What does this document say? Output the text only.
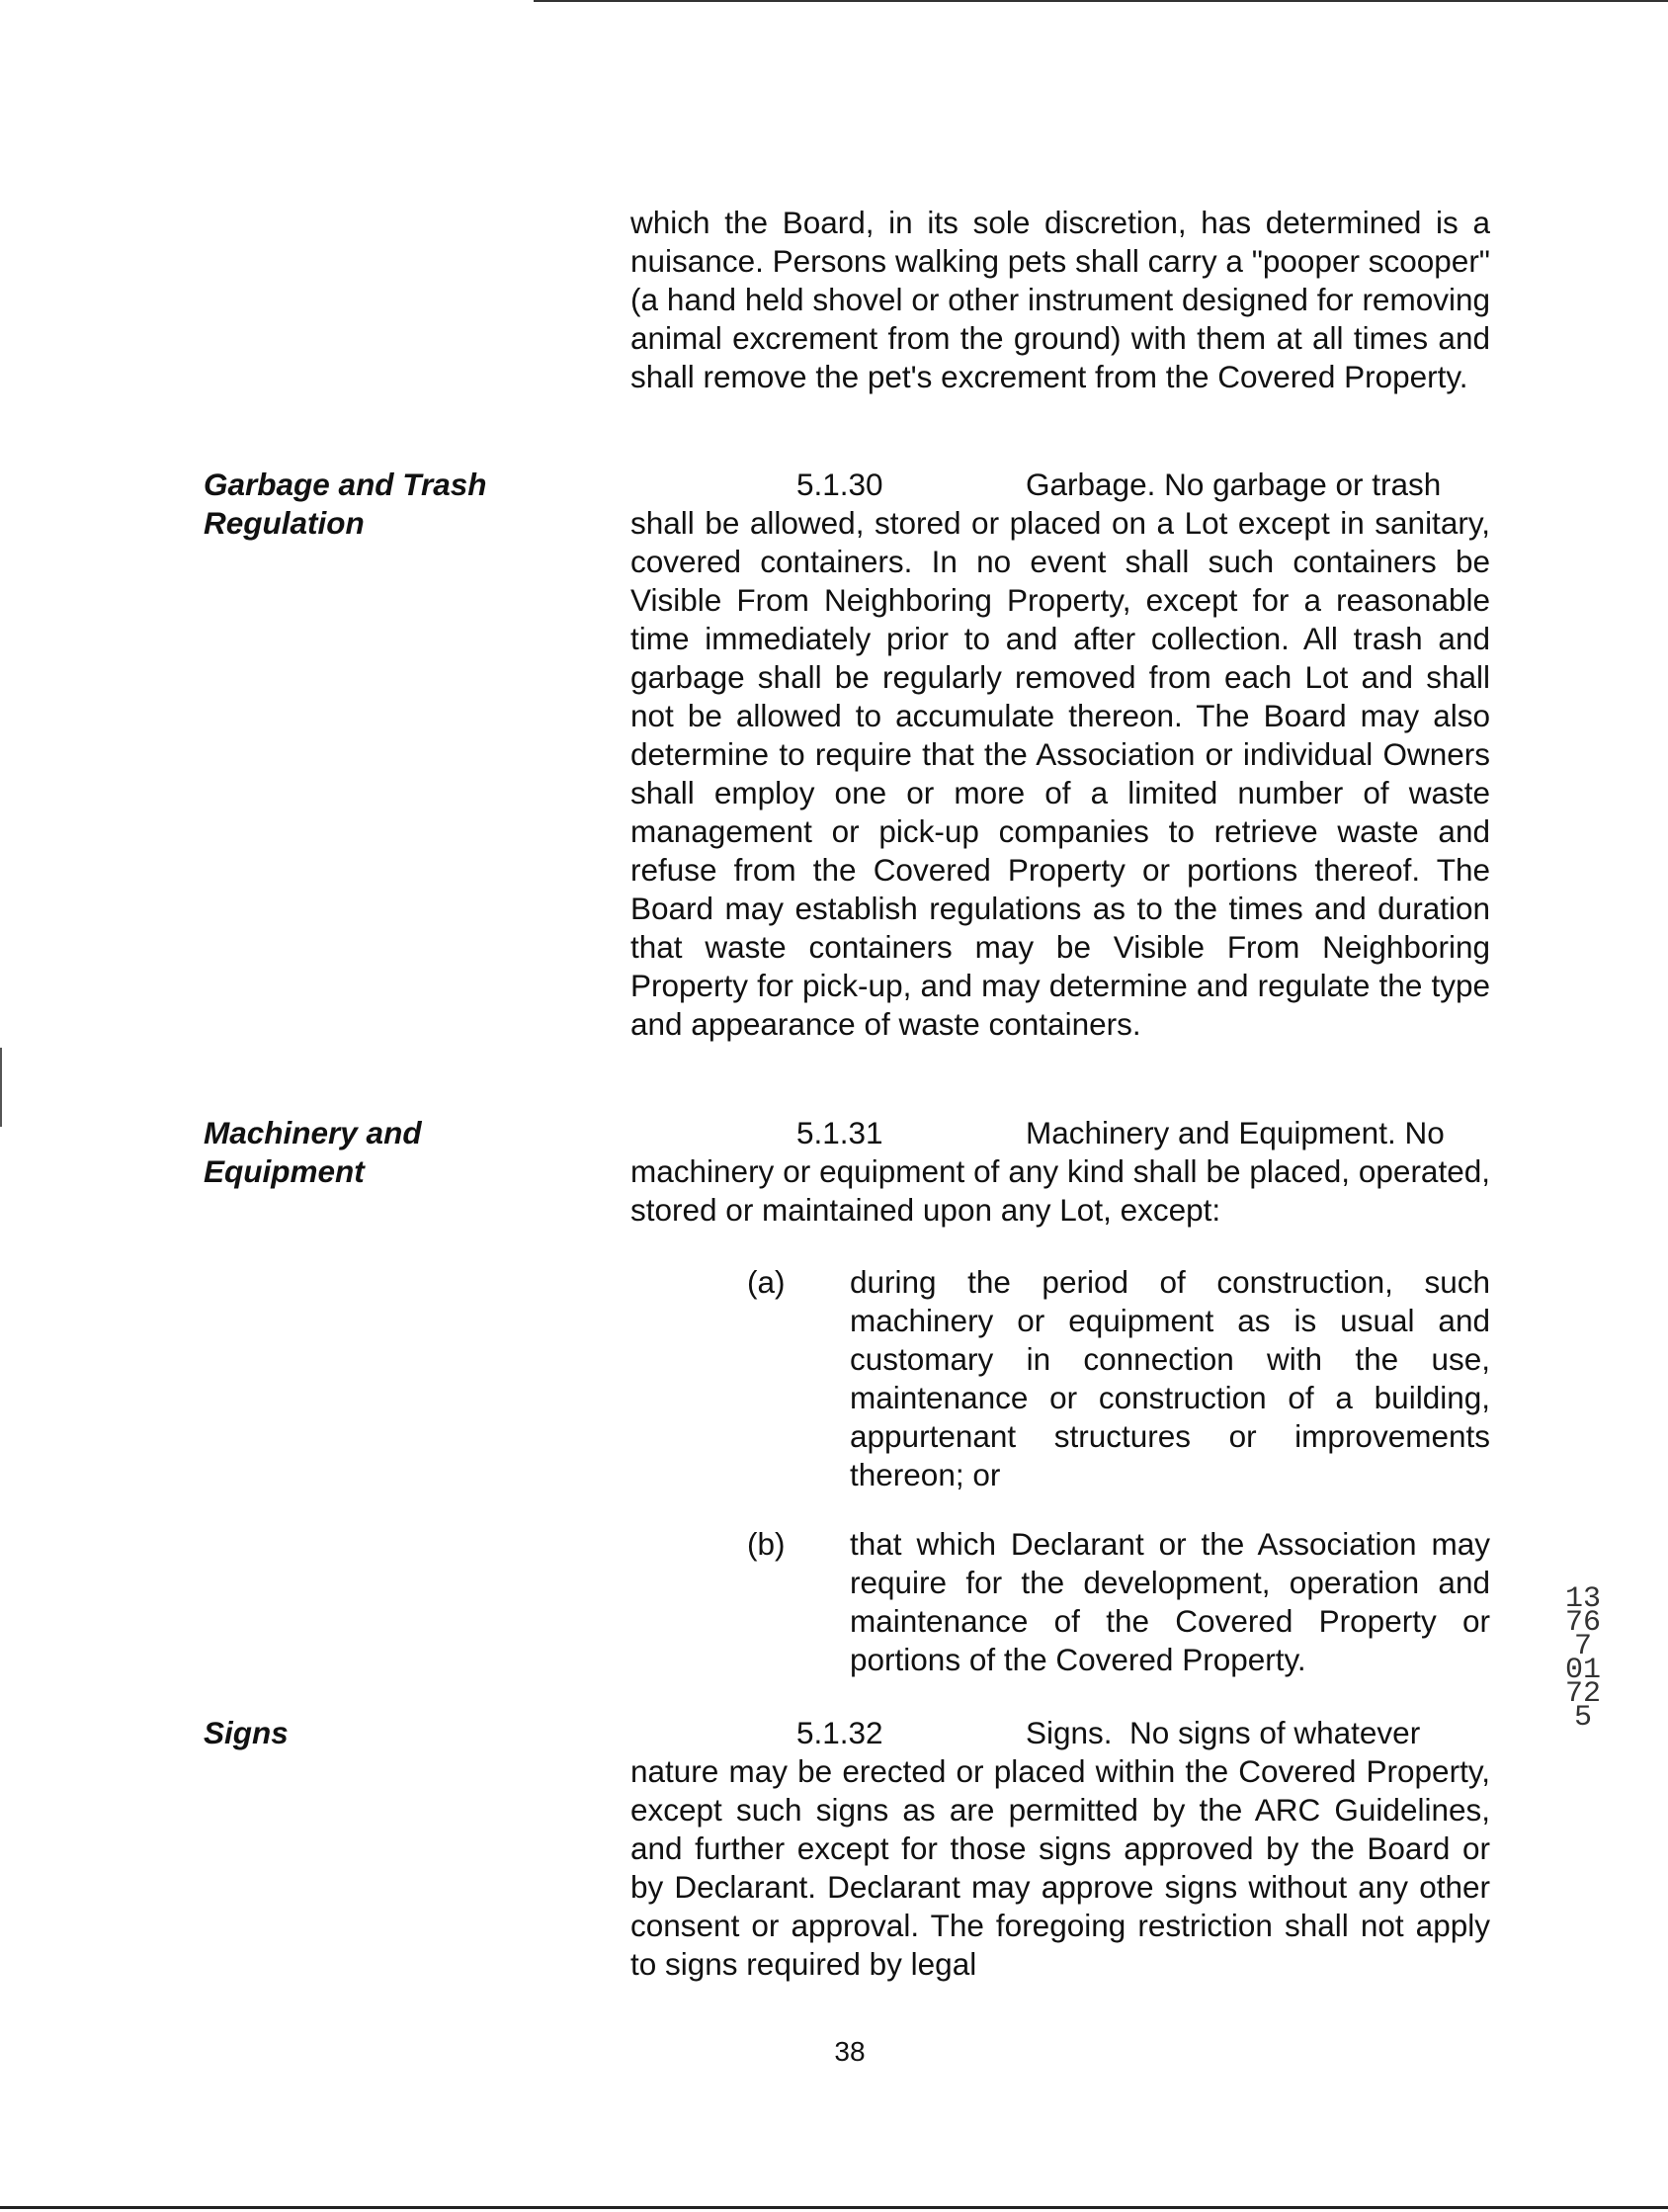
which the Board, in its sole discretion, has determined is a nuisance. Persons walking pets shall carry a "pooper scooper" (a hand held shovel or other instrument designed for removing animal excrement from the ground) with them at all times and shall remove the pet's excrement from the Covered Property.

Garbage and Trash
Regulation

5.1.30	Garbage. No garbage or trash
shall be allowed, stored or placed on a Lot except in sanitary, covered containers. In no event shall such containers be Visible From Neighboring Property, except for a reasonable time immediately prior to and after collection. All trash and garbage shall be regularly removed from each Lot and shall not be allowed to accumulate thereon. The Board may also determine to require that the Association or individual Owners shall employ one or more of a limited number of waste management or pick-up companies to retrieve waste and refuse from the Covered Property or portions thereof. The Board may establish regulations as to the times and duration that waste containers may be Visible From Neighboring Property for pick-up, and may determine and regulate the type and appearance of waste containers.

Machinery and
Equipment

5.1.31	Machinery and Equipment. No
machinery or equipment of any kind shall be placed, operated, stored or maintained upon any Lot, except:

(a) during the period of construction, such machinery or equipment as is usual and customary in connection with the use, maintenance or construction of a building, appurtenant structures or improvements thereon; or
(b) that which Declarant or the Association may require for the development, operation and maintenance of the Covered Property or portions of the Covered Property.

Signs	5.1.32	Signs.  No signs of whatever
nature may be erected or placed within the Covered Property, except such signs as are permitted by the ARC Guidelines, and further except for those signs approved by the Board or by Declarant. Declarant may approve signs without any other consent or approval. The foregoing restriction shall not apply to signs required by legal

38
13767 01725
